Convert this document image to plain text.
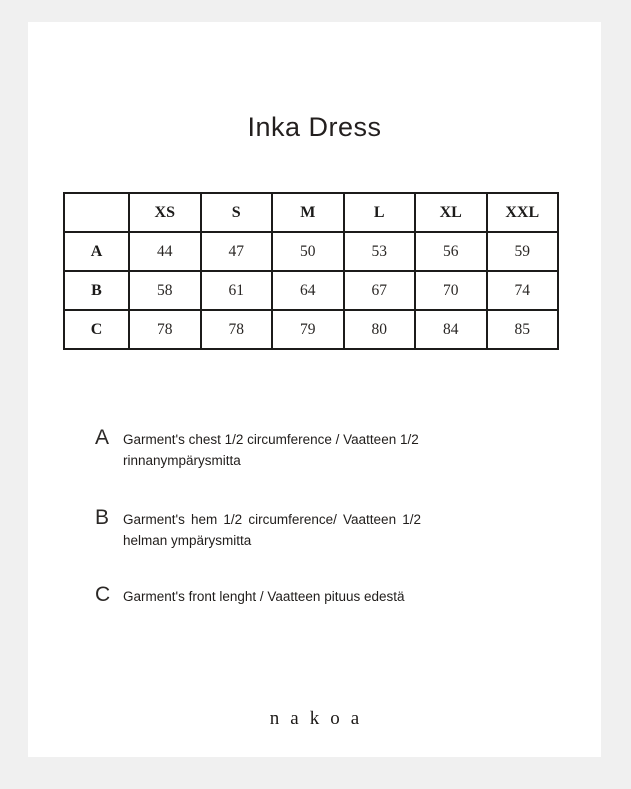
Inka Dress
	XS	S	M	L	XL	XXL
A	44	47	50	53	56	59
B	58	61	64	67	70	74
C	78	78	79	80	84	85
A	Garment's chest 1/2 circumference / Vaatteen 1/2
rinnanympärysmitta
B	Garment's hem 1/2 circumference/ Vaatteen 1/2
helman ympärysmitta
C Garment's front lenght / Vaatteen pituus edestä
nakoa
